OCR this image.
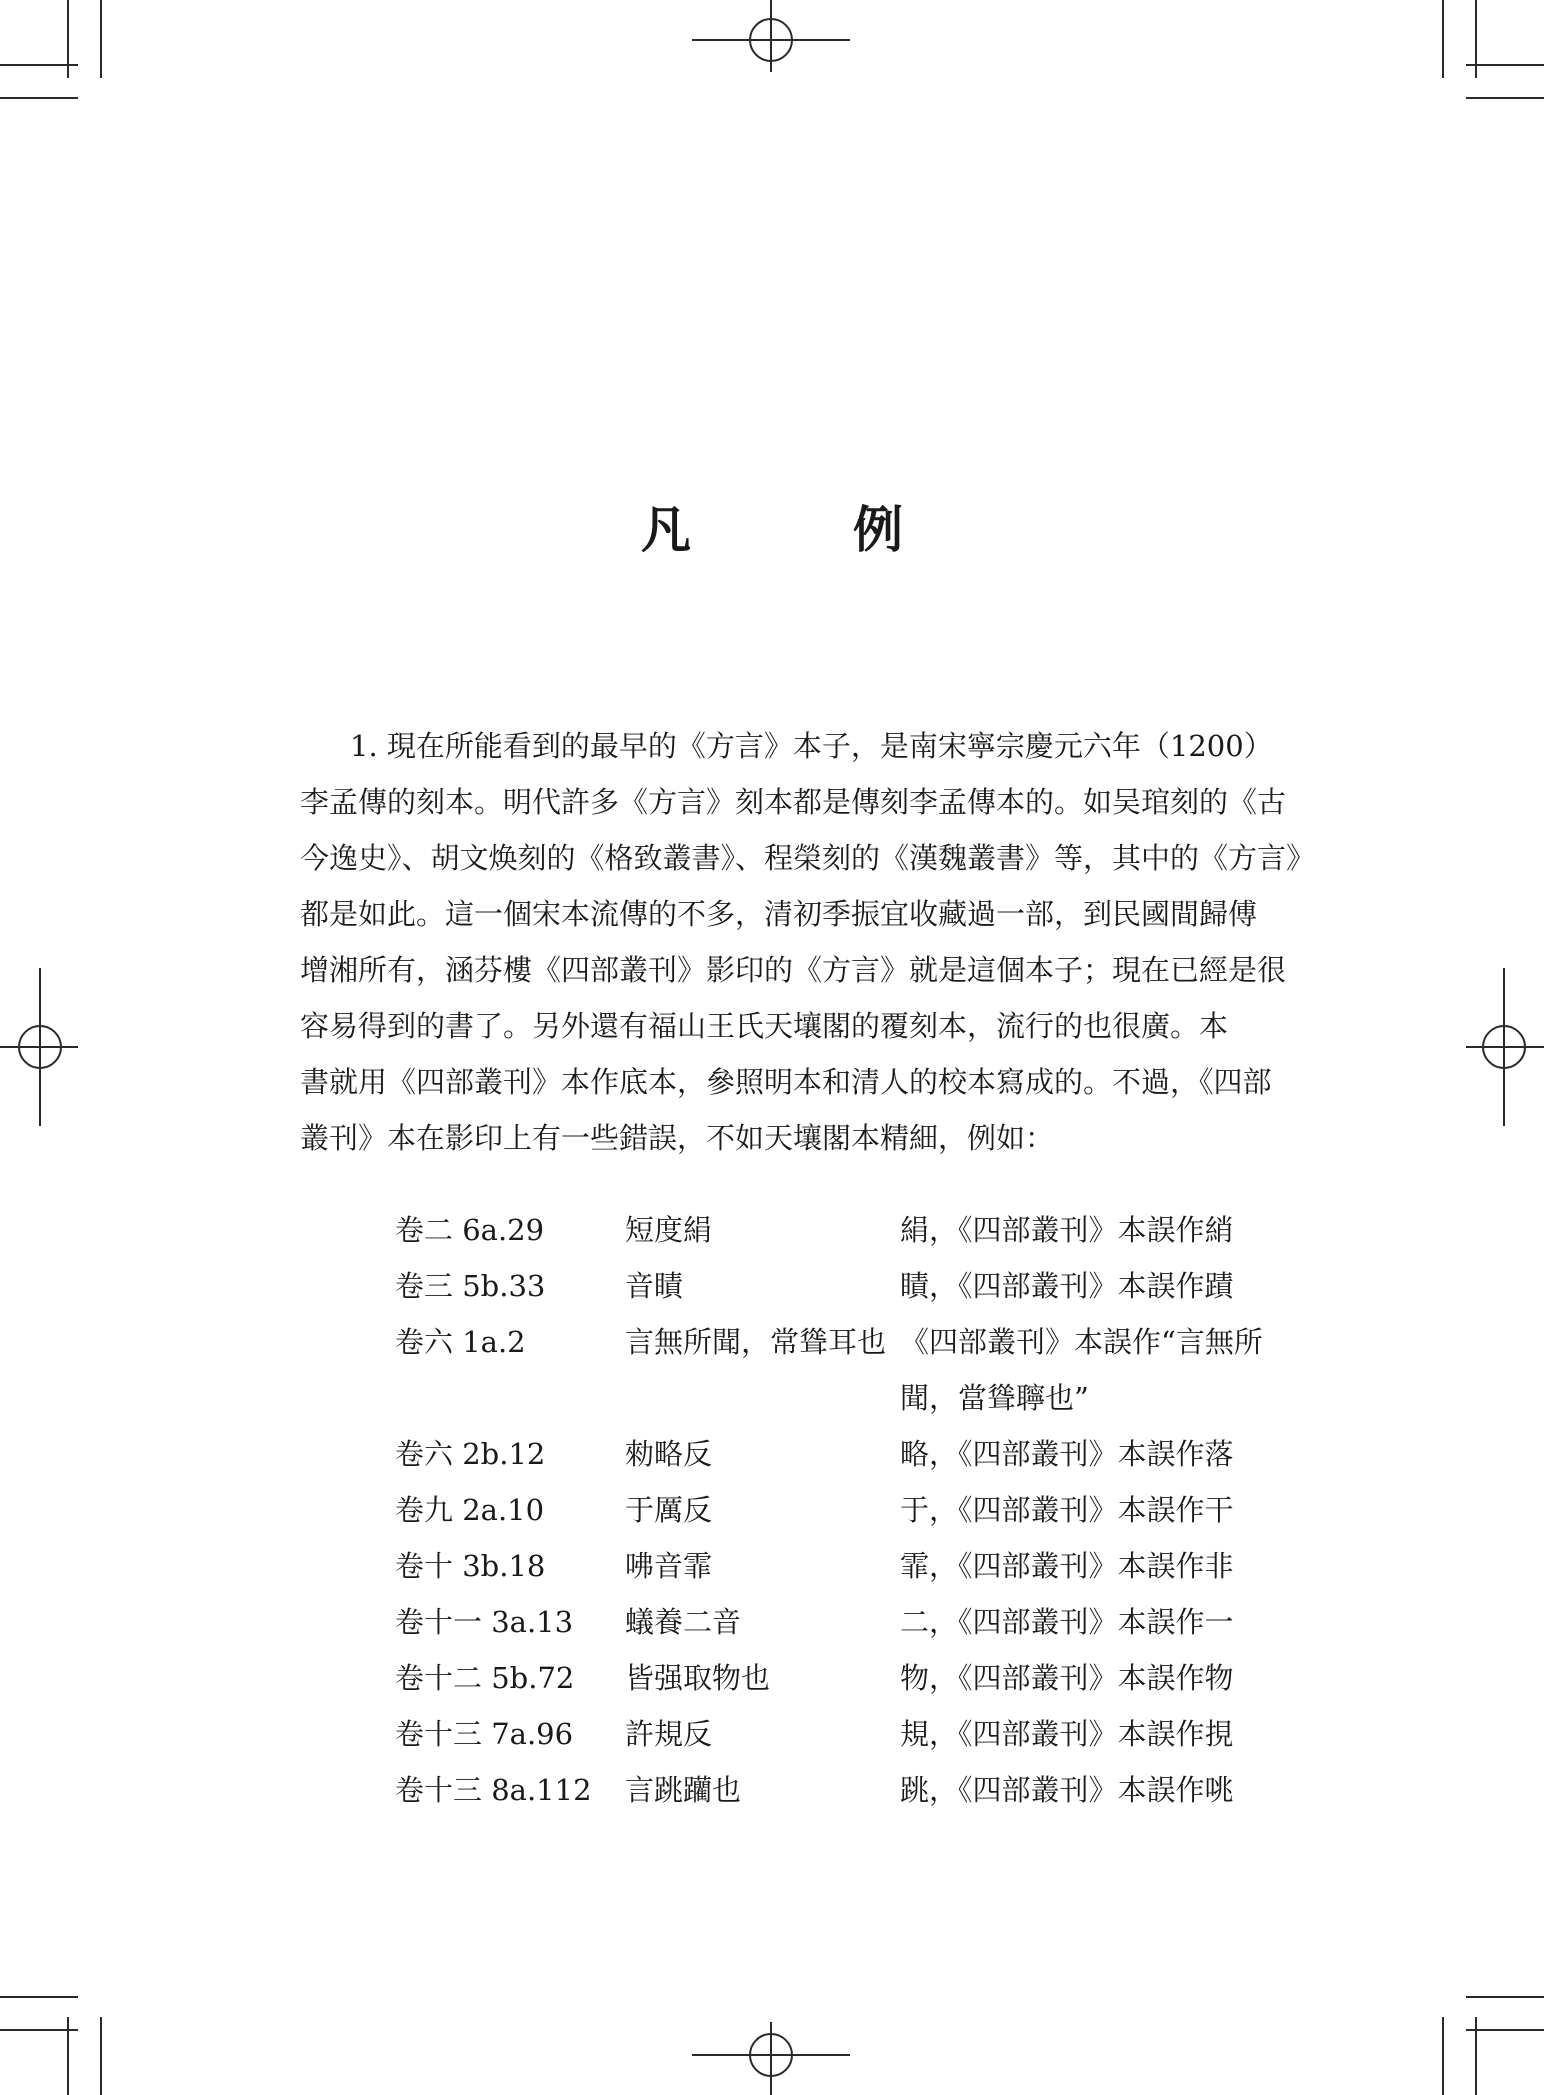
凡　例
1. 現在所能看到的最早的《方言》本子，是南宋寧宗慶元六年（1200）
李孟傳的刻本。明代許多《方言》刻本都是傳刻李孟傳本的。如吴琯刻的《古
今逸史》、胡文焕刻的《格致叢書》、程榮刻的《漢魏叢書》等，其中的《方言》
都是如此。這一個宋本流傳的不多，清初季振宜收藏過一部，到民國間歸傅
增湘所有，涵芬樓《四部叢刊》影印的《方言》就是這個本子；現在已經是很
容易得到的書了。另外還有福山王氏天壤閣的覆刻本，流行的也很廣。本
書就用《四部叢刊》本作底本，參照明本和清人的校本寫成的。不過，《四部
叢刊》本在影印上有一些錯誤，不如天壤閣本精細，例如：
卷二 6a.29	短度絹	絹，《四部叢刊》本誤作綃
卷三 5b.33	音瞔	瞔，《四部叢刊》本誤作蹟
卷六 1a.2	言無所聞，常聳耳也 《四部叢刊》本誤作“言無所
聞，當聳聹也”
卷六 2b.12	勑略反	略，《四部叢刊》本誤作落
卷九 2a.10	于厲反	于，《四部叢刊》本誤作干
卷十 3b.18	咈音霏	霏，《四部叢刊》本誤作非
卷十一 3a.13	蟻養二音	二，《四部叢刊》本誤作一
卷十二 5b.72	皆强取物也	物，《四部叢刊》本誤作物
卷十三 7a.96	許規反	規，《四部叢刊》本誤作挸
卷十三 8a.112	言跳躪也	跳，《四部叢刊》本誤作咷
